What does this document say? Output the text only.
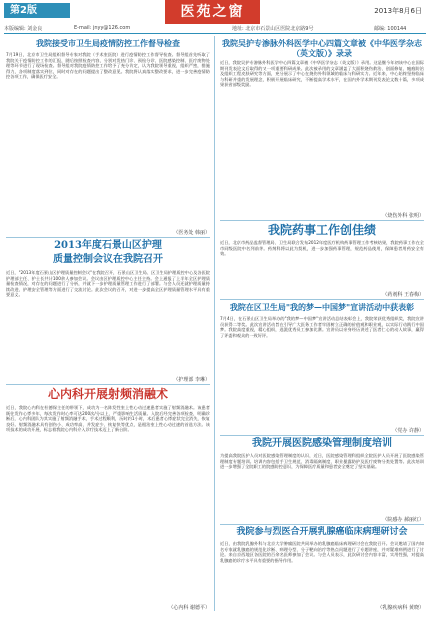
第2版	医苑之窗	2013年8月6日
本版编辑: 刘金良	E-mail: jnyy@126.com	地址: 北京市石景山区医院北京路9号	邮编: 100144
我院接受市卫生局疫情防控工作督导检查
7月19日，北京市卫生局组织督导专家对我院（手术室医院）进行疫情防控工作督导检查。督导组首先听取了我院关于疫情防控工作的汇报，随后按照检查内容，分别对发热门诊、预检分诊、医院感染控制、医疗废物处理等环节进行了现场检查。督导组对我院疫情防控工作给予了充分肯定，认为我院领导重视，组织严密，措施得力，各项制度落实到位，同时对存在的问题提出了整改意见。我院将认真落实整改要求，进一步完善疫情防控各项工作，确保医疗安全。
（医务处 韩丽）
2013年度石景山区护理
质量控制会议在我院召开
近日，"2013年度石景山区护理质量控制会议"在我院召开，石景山区卫生局、区卫生局护理质控中心及各医院护理部主任、护士长共计100余人参加会议。会议由区护理质控中心主任主持。会上通报了上半年全区护理质量检查情况，对存在的问题进行了分析，并就下一步护理质量管理工作进行了部署。与会人员还就护理质量持续改进、护理安全管理等方面进行了交流讨论。此次会议的召开，对进一步提高全区护理质量管理水平具有重要意义。
（护理部 李琳）
心内科开展射频消融术
近日，我院心内科在杜德保主任的带领下，成功为一名阵发性室上性心动过速患者实施了射频消融术。该患者既往发作心悸多年，每次发作时心率可达200次/分以上，严重影响生活质量。入院后经完善各项检查，明确诊断后，心内科团队为其实施了射频消融手术，手术过程顺利，历时约1小时，术后患者心悸症状完全消失，恢复良好。射频消融术具有创伤小、成功率高、并发症少、恢复快等优点，是根治室上性心动过速的首选方法。该项技术的成功开展，标志着我院心内科介入诊疗技术迈上了新台阶。
（心内科 谢德平）
我院吴护专渗脉外科医学中心四篇文章被《中华医学杂志（英文版）》录录
近日，我院吴护专渗脉外科医学中心四篇文章被《中华医学杂志（英文版）》录用。这是继今年初该中心在国际期刊发表论文后取得的又一项重要科研成果。此次被录用的文章涵盖了大面积烧伤救治、创面修复、瘢痕防治及组织工程皮肤研究等方面，充分展示了中心在烧伤外科领域的临床与科研实力。近年来，中心始终坚持临床与科研并重的发展理念，积极开展临床研究，不断提高学术水平，在国内外学术期刊发表论文数十篇，多项成果获省部级奖励。
（烧伤外科 张明）
我院药事工作创佳绩
近日，北京市药品监督管理局、卫生局联合发布2012年度医疗机构药事管理工作考核结果，我院药事工作在全市同级医院中名列前茅。药剂科将以此为契机，进一步加强药事管理，规范药品使用，保障患者用药安全有效。
（药剂科 王春梅）
我院在区卫生局"我的梦—中国梦"宣讲活动中获表彰
7月4日，在石景山区卫生局举办的"我的梦—中国梦"宣讲活动总结表彰会上，我院荣获优秀组织奖，我院宣讲员获得二等奖。此次宣讲活动旨在引导广大医务工作者牢固树立正确的价值观和职业观，以实际行动践行中国梦。我院高度重视，精心组织，选派优秀员工参加比赛。宣讲员以亲身经历讲述了医者仁心的动人故事，赢得了评委和观众的一致好评。
（党办 许静）
我院开展医院感染管理制度培训
为提高我院医护人员对医院感染管理制度的认识，近日，医院感染管理科组织全院医护人员开展了医院感染管理制度专题培训。培训内容包括手卫生规范、消毒隔离制度、职业暴露防护及医疗废物分类处置等。此次培训进一步增强了全院职工的院感防控意识，为保障医疗质量和患者安全奠定了坚实基础。
（院感办 郝丽红）
我院参与烈医合开展乳腺癌临床病理研讨会
近日，由我院乳腺外科与北京大学肿瘤医院共同举办的乳腺癌临床病理研讨会在我院召开。会议邀请了国内知名专家就乳腺癌的规范化诊断、病理分型、分子靶向治疗等热点问题进行了专题讲座，并对疑难病例进行了讨论。来自京西地区各医院的百余名医师参加了会议。与会人员表示，此次研讨会内容丰富，实用性强，对提高乳腺癌的诊疗水平具有重要的指导作用。
（乳腺疾病科 黄晓）
